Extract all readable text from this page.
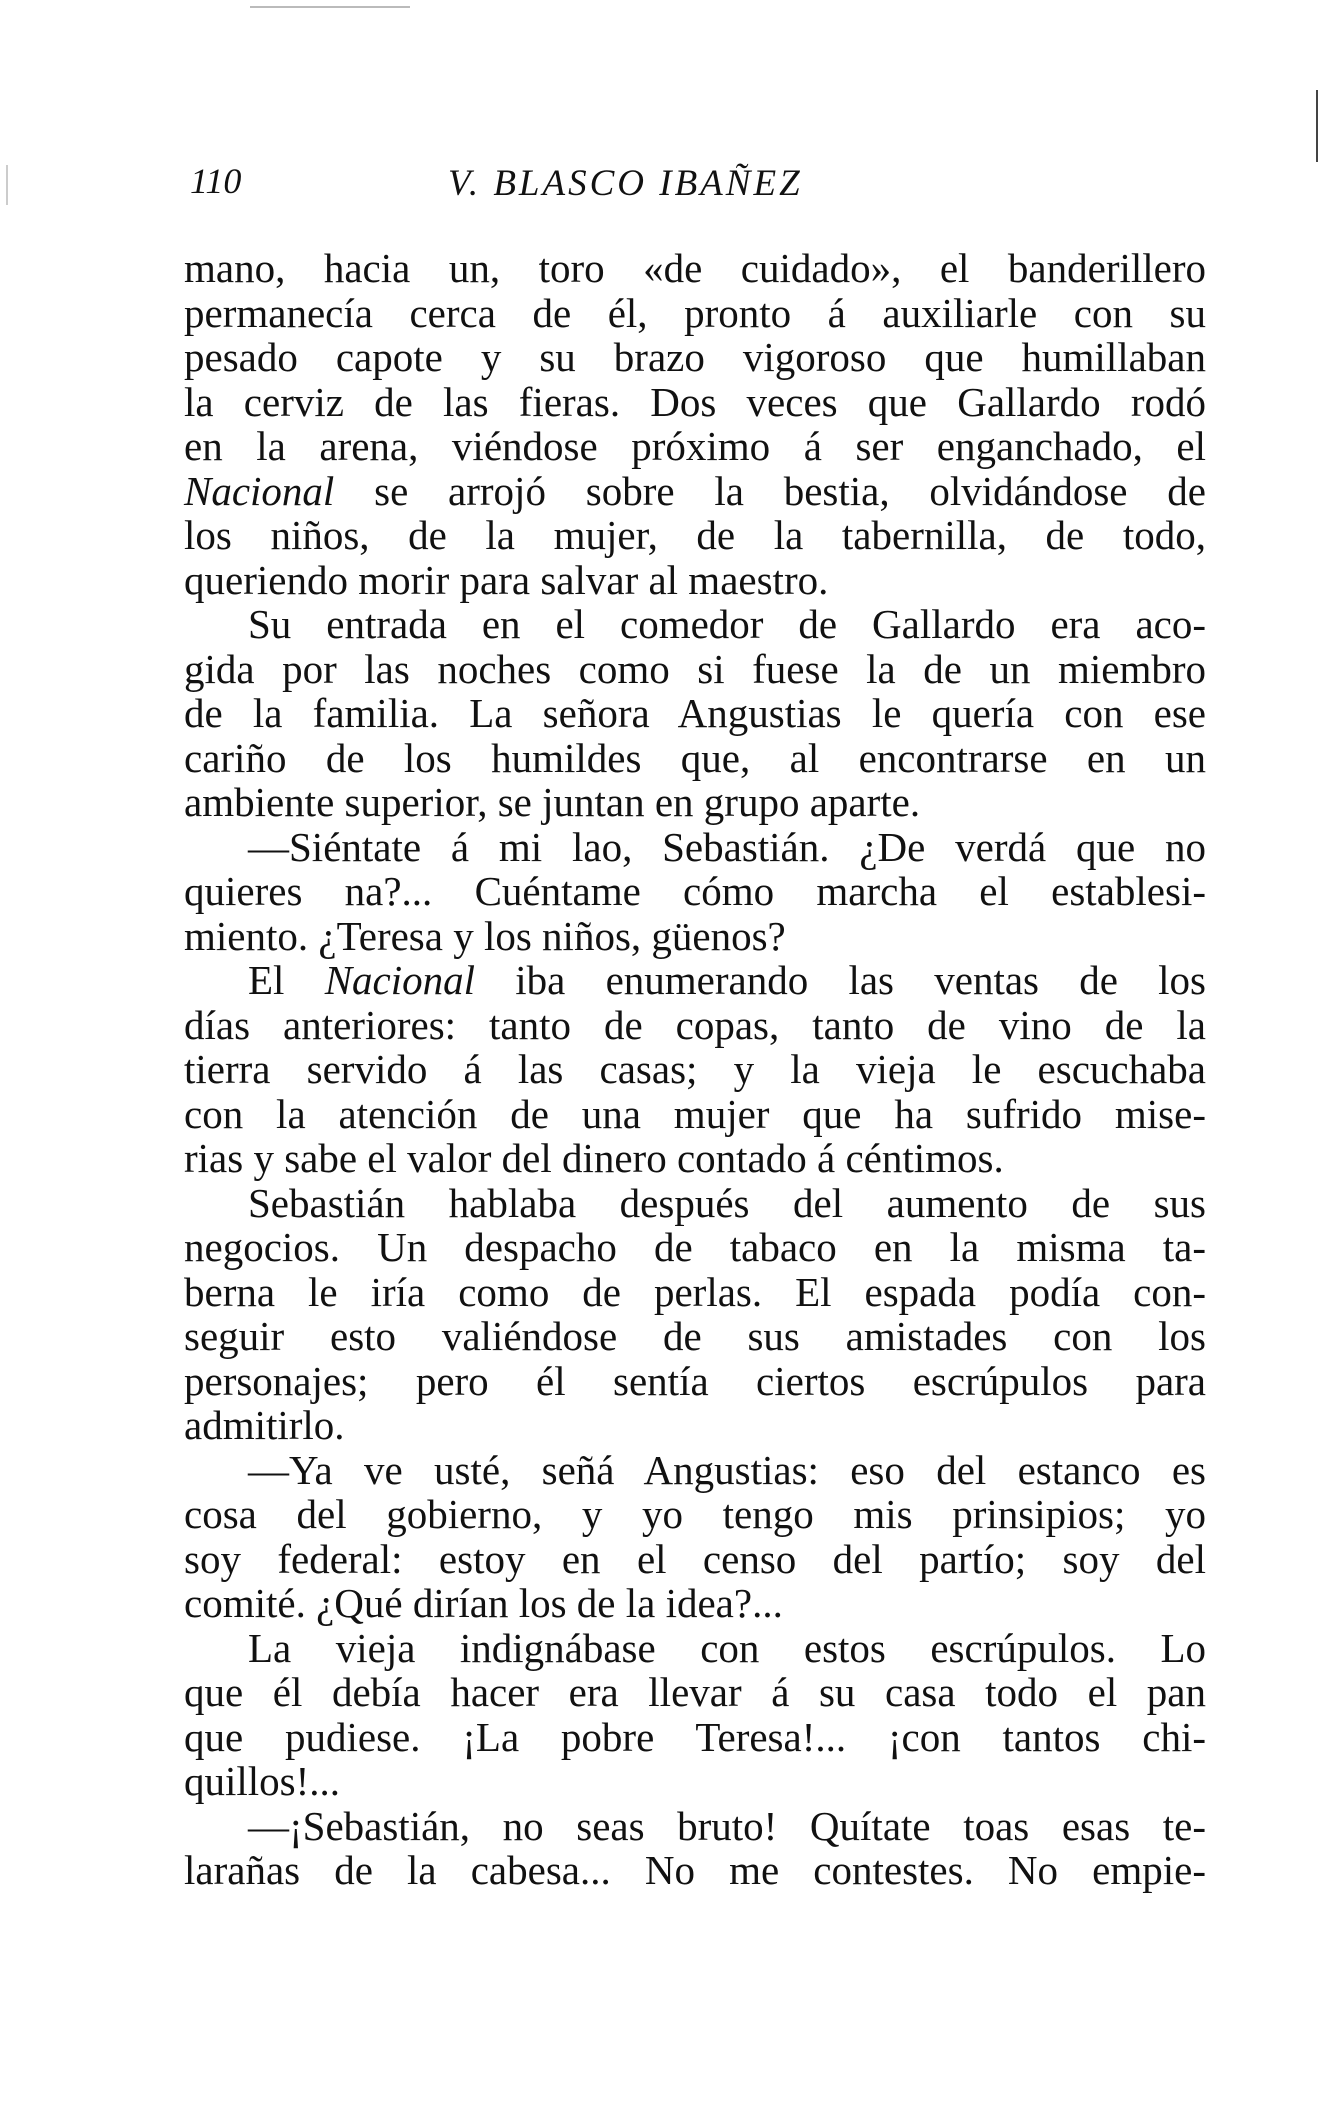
110	V. BLASCO IBAÑEZ
mano, hacia un, toro «de cuidado», el banderillero
permanecía cerca de él, pronto á auxiliarle con su
pesado capote y su brazo vigoroso que humillaban
la cerviz de las fieras. Dos veces que Gallardo rodó
en la arena, viéndose próximo á ser enganchado, el
Nacional se arrojó sobre la bestia, olvidándose de
los niños, de la mujer, de la tabernilla, de todo,
queriendo morir para salvar al maestro.
Su entrada en el comedor de Gallardo era aco-
gida por las noches como si fuese la de un miembro
de la familia. La señora Angustias le quería con ese
cariño de los humildes que, al encontrarse en un
ambiente superior, se juntan en grupo aparte.
—Siéntate á mi lao, Sebastián. ¿De verdá que no
quieres na?... Cuéntame cómo marcha el establesi-
miento. ¿Teresa y los niños, güenos?
El Nacional iba enumerando las ventas de los
días anteriores: tanto de copas, tanto de vino de la
tierra servido á las casas; y la vieja le escuchaba
con la atención de una mujer que ha sufrido mise-
rias y sabe el valor del dinero contado á céntimos.
Sebastián hablaba después del aumento de sus
negocios. Un despacho de tabaco en la misma ta-
berna le iría como de perlas. El espada podía con-
seguir esto valiéndose de sus amistades con los
personajes; pero él sentía ciertos escrúpulos para
admitirlo.
—Ya ve usté, señá Angustias: eso del estanco es
cosa del gobierno, y yo tengo mis prinsipios; yo
soy federal: estoy en el censo del partío; soy del
comité. ¿Qué dirían los de la idea?...
La vieja indignábase con estos escrúpulos. Lo
que él debía hacer era llevar á su casa todo el pan
que pudiese. ¡La pobre Teresa!... ¡con tantos chi-
quillos!...
—¡Sebastián, no seas bruto! Quítate toas esas te-
larañas de la cabesa... No me contestes. No empie-
